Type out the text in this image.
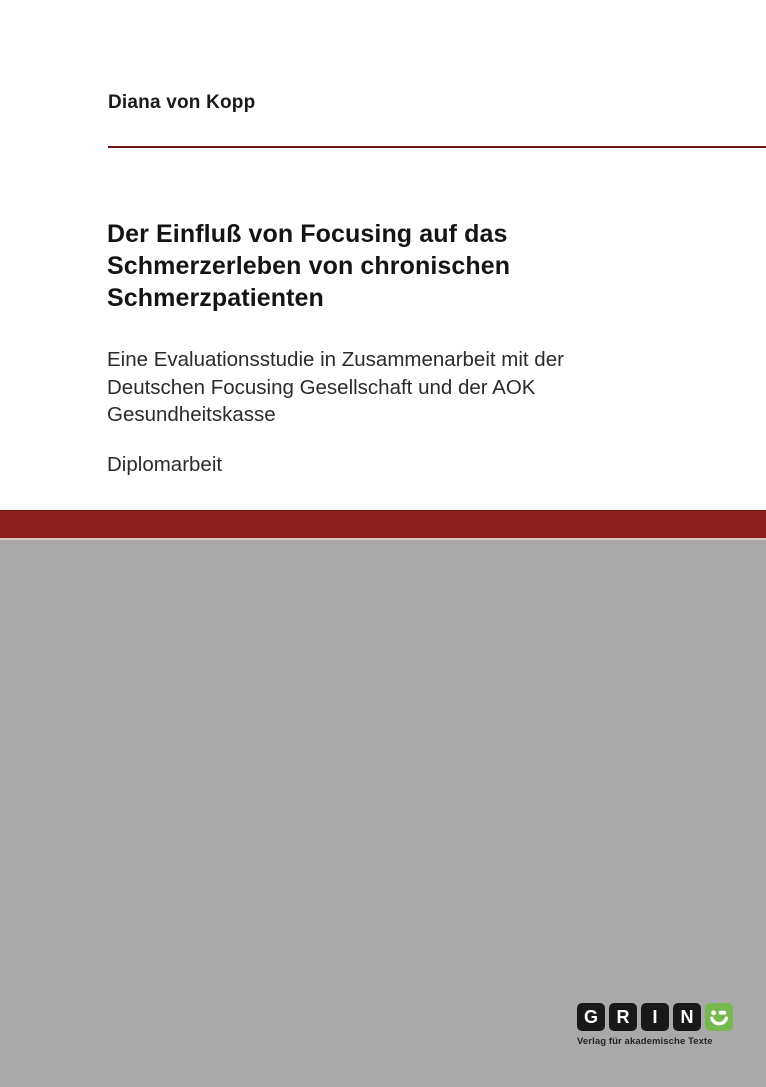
Diana von Kopp
Der Einfluß von Focusing auf das
Schmerzerleben von chronischen
Schmerzpatienten
Eine Evaluationsstudie in Zusammenarbeit mit der
Deutschen Focusing Gesellschaft und der AOK
Gesundheitskasse
Diplomarbeit
G	R	I	N
Verlag für akademische Texte
